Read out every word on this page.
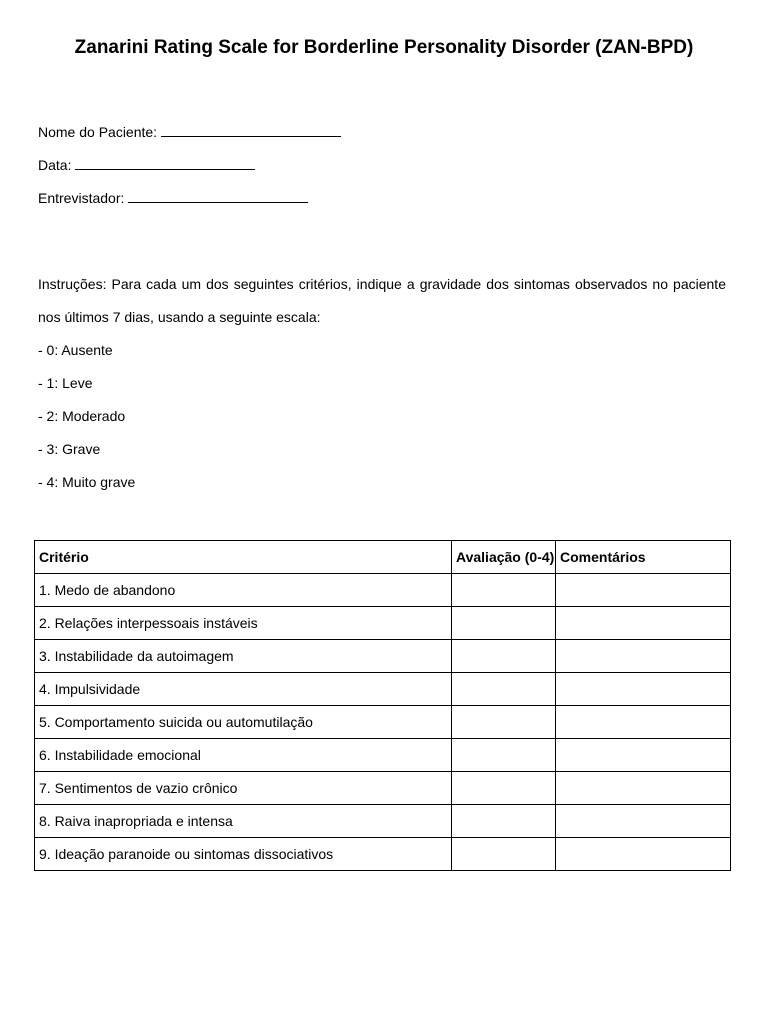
Zanarini Rating Scale for Borderline Personality Disorder (ZAN-BPD)
Nome do Paciente:
Data:
Entrevistador:

Instruções: Para cada um dos seguintes critérios, indique a gravidade dos sintomas observados no paciente nos últimos 7 dias, usando a seguinte escala:

- 0: Ausente

- 1: Leve

- 2: Moderado

- 3: Grave

- 4: Muito grave

Critério	Avaliação (0-4)	Comentários
1. Medo de abandono		
2. Relações interpessoais instáveis		
3. Instabilidade da autoimagem		
4. Impulsividade		
5. Comportamento suicida ou automutilação		
6. Instabilidade emocional		
7. Sentimentos de vazio crônico		
8. Raiva inapropriada e intensa		
9. Ideação paranoide ou sintomas dissociativos		
